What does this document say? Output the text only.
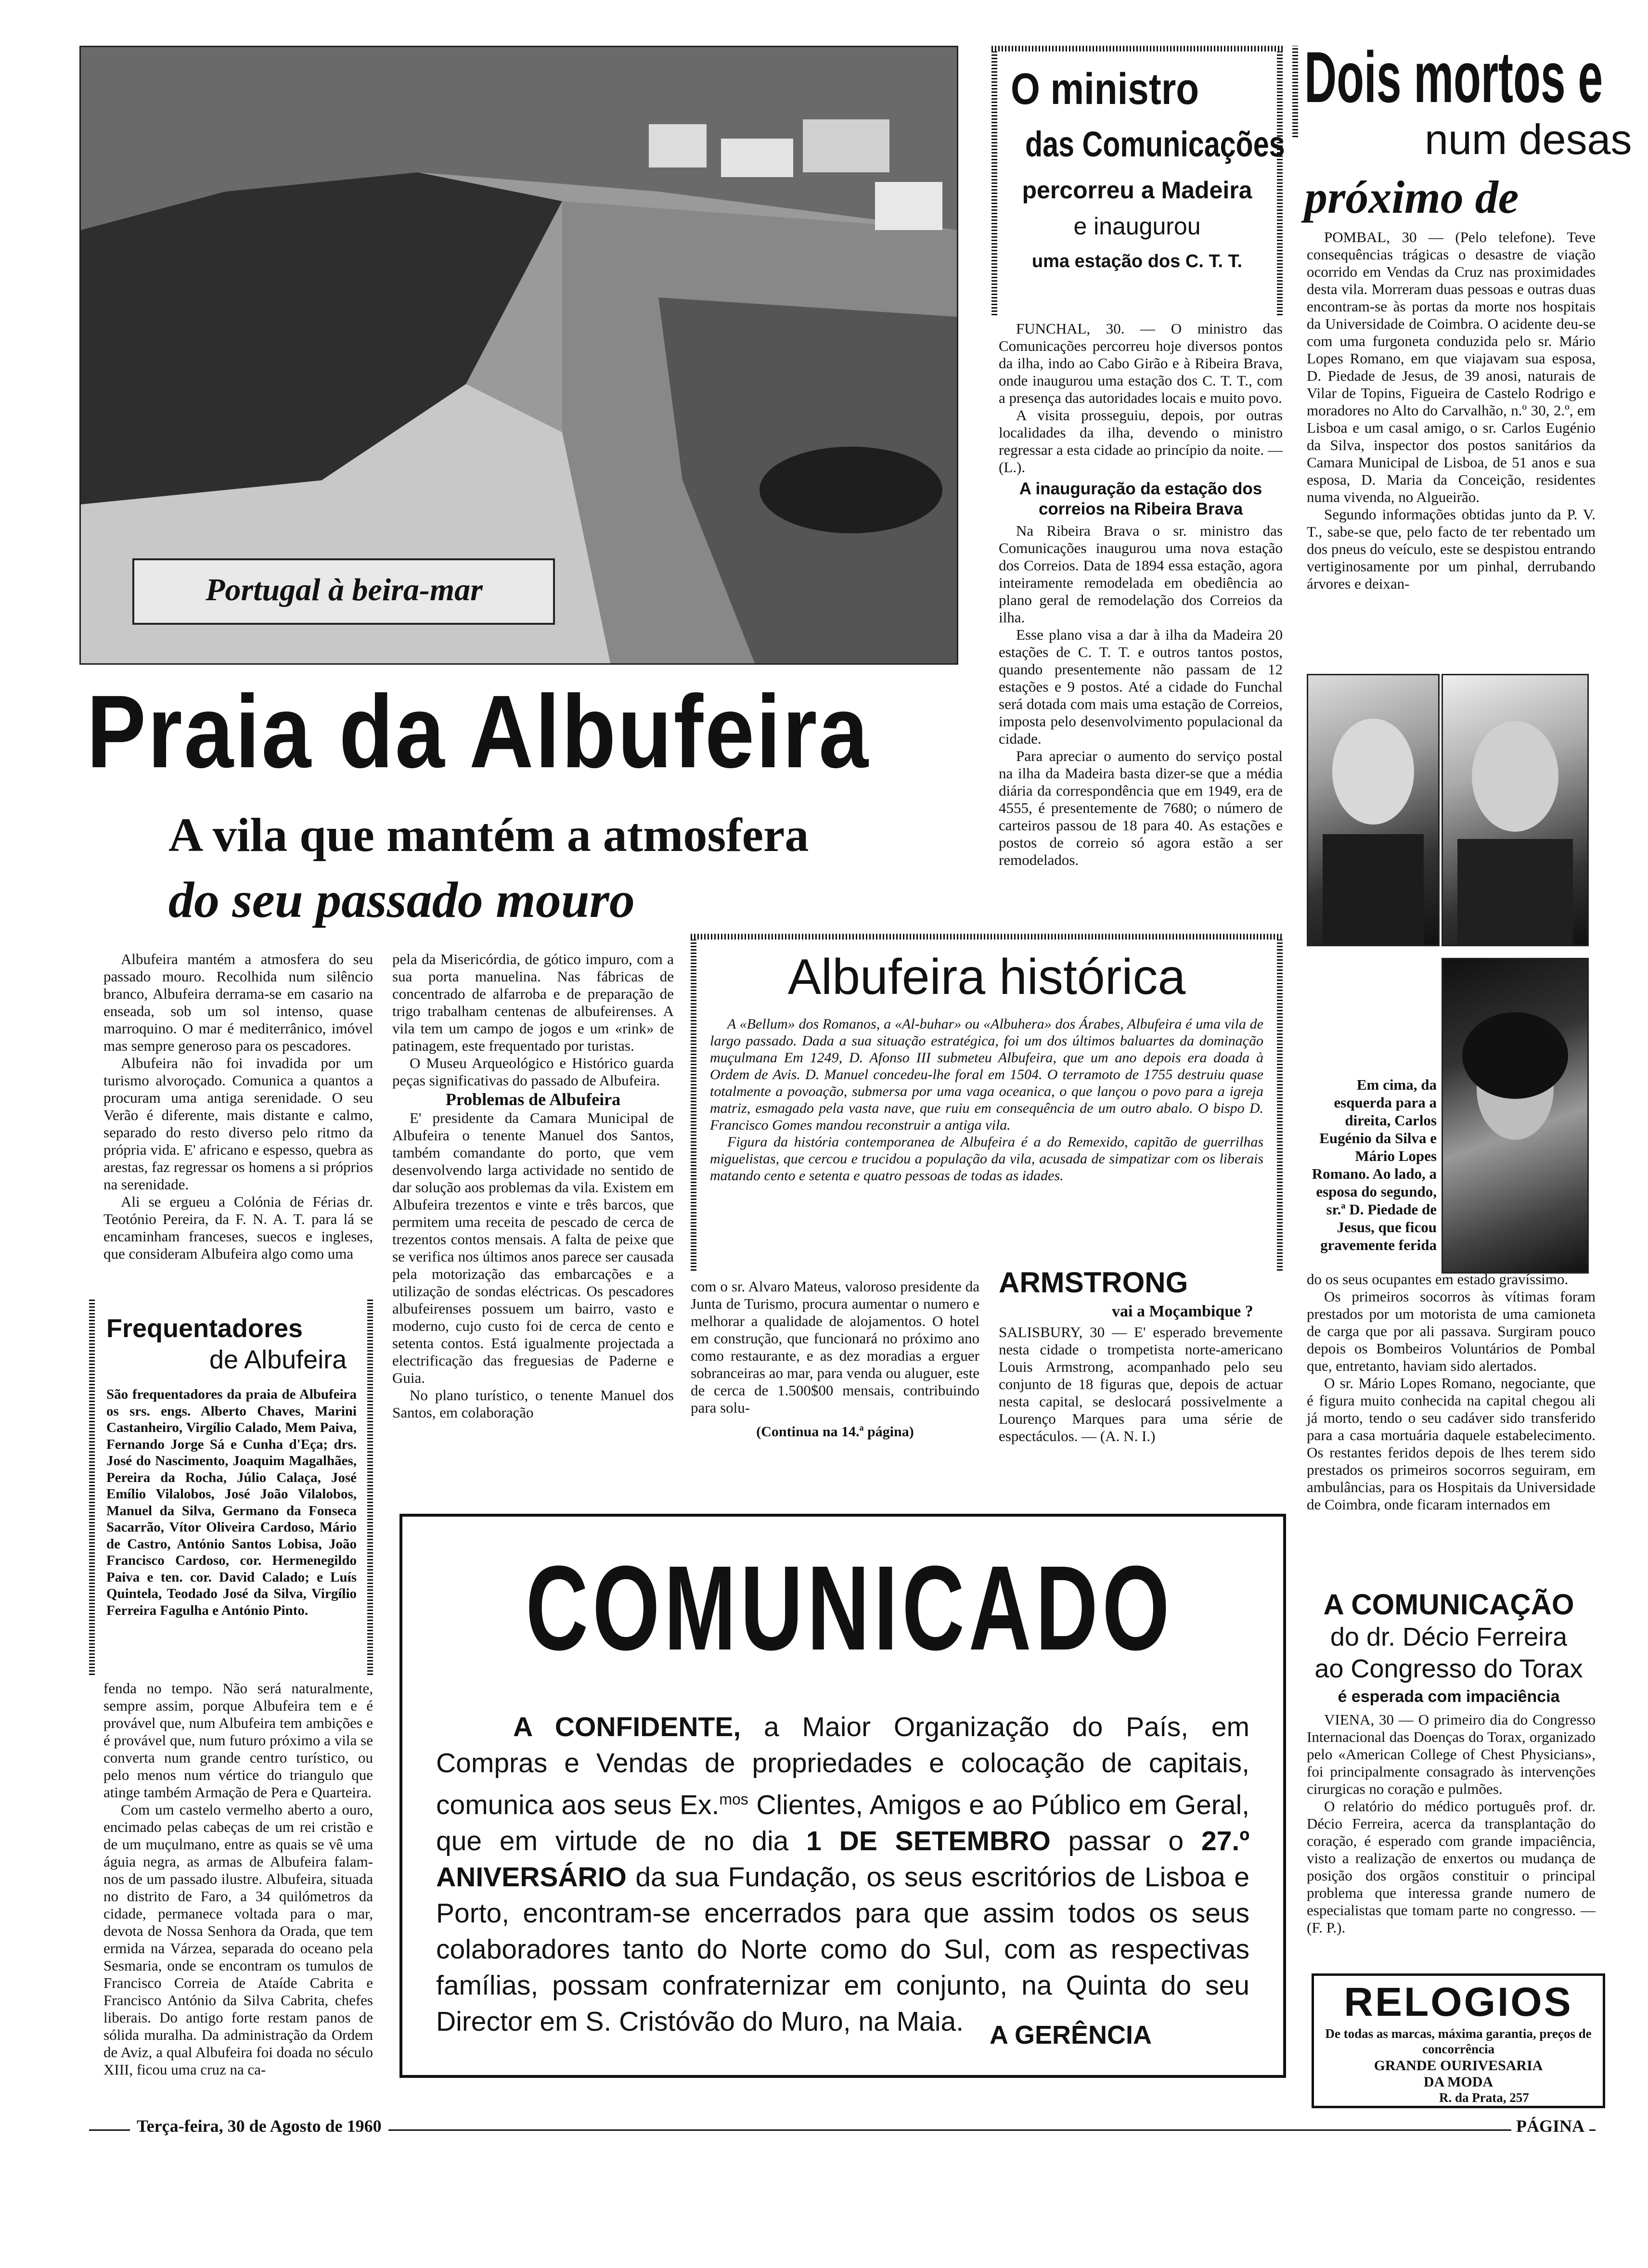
Portugal à beira-mar
Praia da Albufeira
A vila que mantém a atmosfera
do seu passado mouro

Albufeira mantém a atmosfera do seu passado mouro. Recolhida num silêncio branco, Albufeira derrama-se em casario na enseada, sob um sol intenso, quase marroquino. O mar é mediterrânico, imóvel mas sempre generoso para os pescadores.

Albufeira não foi invadida por um turismo alvoroçado. Comunica a quantos a procuram uma antiga serenidade. O seu Verão é diferente, mais distante e calmo, separado do resto diverso pelo ritmo da própria vida. E' africano e espesso, quebra as arestas, faz regressar os homens a si próprios na serenidade.

Ali se ergueu a Colónia de Férias dr. Teotónio Pereira, da F. N. A. T. para lá se encaminham franceses, suecos e ingleses, que consideram Albufeira algo como uma

Frequentadores
de Albufeira
São frequentadores da praia de Albufeira os srs. engs. Alberto Chaves, Marini Castanheiro, Virgílio Calado, Mem Paiva, Fernando Jorge Sá e Cunha d'Eça; drs. José do Nascimento, Joaquim Magalhães, Pereira da Rocha, Júlio Calaça, José Emílio Vilalobos, José João Vilalobos, Manuel da Silva, Germano da Fonseca Sacarrão, Vítor Oliveira Cardoso, Mário de Castro, António Santos Lobisa, João Francisco Cardoso, cor. Hermenegildo Paiva e ten. cor. David Calado; e Luís Quintela, Teodado José da Silva, Virgílio Ferreira Fagulha e António Pinto.

fenda no tempo. Não será naturalmente, sempre assim, porque Albufeira tem e é provável que, num Albufeira tem ambições e é provável que, num futuro próximo a vila se converta num grande centro turístico, ou pelo menos num vértice do triangulo que atinge também Armação de Pera e Quarteira.

Com um castelo vermelho aberto a ouro, encimado pelas cabeças de um rei cristão e de um muçulmano, entre as quais se vê uma águia negra, as armas de Albufeira falam-nos de um passado ilustre. Albufeira, situada no distrito de Faro, a 34 quilómetros da cidade, permanece voltada para o mar, devota de Nossa Senhora da Orada, que tem ermida na Várzea, separada do oceano pela Sesmaria, onde se encontram os tumulos de Francisco Correia de Ataíde Cabrita e Francisco António da Silva Cabrita, chefes liberais. Do antigo forte restam panos de sólida muralha. Da administração da Ordem de Aviz, a qual Albufeira foi doada no século XIII, ficou uma cruz na ca-

pela da Misericórdia, de gótico impuro, com a sua porta manuelina. Nas fábricas de concentrado de alfarroba e de preparação de trigo trabalham centenas de albufeirenses. A vila tem um campo de jogos e um «rink» de patinagem, este frequentado por turistas.

O Museu Arqueológico e Histórico guarda peças significativas do passado de Albufeira.

Problemas de Albufeira

E' presidente da Camara Municipal de Albufeira o tenente Manuel dos Santos, também comandante do porto, que vem desenvolvendo larga actividade no sentido de dar solução aos problemas da vila. Existem em Albufeira trezentos e vinte e três barcos, que permitem uma receita de pescado de cerca de trezentos contos mensais. A falta de peixe que se verifica nos últimos anos parece ser causada pela motorização das embarcações e a utilização de sondas eléctricas. Os pescadores albufeirenses possuem um bairro, vasto e moderno, cujo custo foi de cerca de cento e setenta contos. Está igualmente projectada a electrificação das freguesias de Paderne e Guia.

No plano turístico, o tenente Manuel dos Santos, em colaboração

Albufeira histórica

A «Bellum» dos Romanos, a «Al-buhar» ou «Albuhera» dos Árabes, Albufeira é uma vila de largo passado. Dada a sua situação estratégica, foi um dos últimos baluartes da dominação muçulmana Em 1249, D. Afonso III submeteu Albufeira, que um ano depois era doada à Ordem de Avis. D. Manuel concedeu-lhe foral em 1504. O terramoto de 1755 destruiu quase totalmente a povoação, submersa por uma vaga oceanica, o que lançou o povo para a igreja matriz, esmagado pela vasta nave, que ruiu em consequência de um outro abalo. O bispo D. Francisco Gomes mandou reconstruir a antiga vila.

Figura da história contemporanea de Albufeira é a do Remexido, capitão de guerrilhas miguelistas, que cercou e trucidou a população da vila, acusada de simpatizar com os liberais matando cento e setenta e quatro pessoas de todas as idades.

com o sr. Alvaro Mateus, valoroso presidente da Junta de Turismo, procura aumentar o numero e melhorar a qualidade de alojamentos. O hotel em construção, que funcionará no próximo ano como restaurante, e as dez moradias a erguer sobranceiras ao mar, para venda ou aluguer, este de cerca de 1.500$00 mensais, contribuindo para solu-

(Continua na 14.ª página)
ARMSTRONG
vai a Moçambique ?
SALISBURY, 30 — E' esperado brevemente nesta cidade o trompetista norte-americano Louis Armstrong, acompanhado pelo seu conjunto de 18 figuras que, depois de actuar nesta capital, se deslocará possivelmente a Lourenço Marques para uma série de espectáculos. — (A. N. I.)
O ministro
das Comunicações
percorreu a Madeira
e inaugurou
uma estação dos C. T. T.

FUNCHAL, 30. — O ministro das Comunicações percorreu hoje diversos pontos da ilha, indo ao Cabo Girão e à Ribeira Brava, onde inaugurou uma estação dos C. T. T., com a presença das autoridades locais e muito povo.

A visita prosseguiu, depois, por outras localidades da ilha, devendo o ministro regressar a esta cidade ao princípio da noite. — (L.).

A inauguração da estação dos correios na Ribeira Brava

Na Ribeira Brava o sr. ministro das Comunicações inaugurou uma nova estação dos Correios. Data de 1894 essa estação, agora inteiramente remodelada em obediência ao plano geral de remodelação dos Correios da ilha.

Esse plano visa a dar à ilha da Madeira 20 estações de C. T. T. e outros tantos postos, quando presentemente não passam de 12 estações e 9 postos. Até a cidade do Funchal será dotada com mais uma estação de Correios, imposta pelo desenvolvimento populacional da cidade.

Para apreciar o aumento do serviço postal na ilha da Madeira basta dizer-se que a média diária da correspondência que em 1949, era de 4555, é presentemente de 7680; o número de carteiros passou de 18 para 40. As estações e postos de correio só agora estão a ser remodelados.

Dois mortos e
num desas
próximo de

POMBAL, 30 — (Pelo telefone). Teve consequências trágicas o desastre de viação ocorrido em Vendas da Cruz nas proximidades desta vila. Morreram duas pessoas e outras duas encontram-se às portas da morte nos hospitais da Universidade de Coimbra. O acidente deu-se com uma furgoneta conduzida pelo sr. Mário Lopes Romano, em que viajavam sua esposa, D. Piedade de Jesus, de 39 anosi, naturais de Vilar de Topins, Figueira de Castelo Rodrigo e moradores no Alto do Carvalhão, n.º 30, 2.º, em Lisboa e um casal amigo, o sr. Carlos Eugénio da Silva, inspector dos postos sanitários da Camara Municipal de Lisboa, de 51 anos e sua esposa, D. Maria da Conceição, residentes numa vivenda, no Algueirão.

Segundo informações obtidas junto da P. V. T., sabe-se que, pelo facto de ter rebentado um dos pneus do veículo, este se despistou entrando vertiginosamente por um pinhal, derrubando árvores e deixan-

Em cima, da esquerda para a direita, Carlos Eugénio da Silva e Mário Lopes Romano. Ao lado, a esposa do segundo, sr.ª D. Piedade de Jesus, que ficou gravemente ferida

do os seus ocupantes em estado gravíssimo.

Os primeiros socorros às vítimas foram prestados por um motorista de uma camioneta de carga que por ali passava. Surgiram pouco depois os Bombeiros Voluntários de Pombal que, entretanto, haviam sido alertados.

O sr. Mário Lopes Romano, negociante, que é figura muito conhecida na capital chegou ali já morto, tendo o seu cadáver sido transferido para a casa mortuária daquele estabelecimento. Os restantes feridos depois de lhes terem sido prestados os primeiros socorros seguiram, em ambulâncias, para os Hospitais da Universidade de Coimbra, onde ficaram internados em

A COMUNICAÇÃO
do dr. Décio Ferreira
ao Congresso do Torax
é esperada com impaciência

VIENA, 30 — O primeiro dia do Congresso Internacional das Doenças do Torax, organizado pelo «American College of Chest Physicians», foi principalmente consagrado às intervenções cirurgicas no coração e pulmões.

O relatório do médico português prof. dr. Décio Ferreira, acerca da transplantação do coração, é esperado com grande impaciência, visto a realização de enxertos ou mudança de posição dos orgãos constituir o principal problema que interessa grande numero de especialistas que tomam parte no congresso. — (F. P.).

RELOGIOS
De todas as marcas, máxima garantia, preços de concorrência
GRANDE OURIVESARIA
DA MODA
R. da Prata, 257
COMUNICADO
A CONFIDENTE, a Maior Organização do País, em Compras e Vendas de propriedades e colocação de capitais, comunica aos seus Ex.$^{mos}$ Clientes, Amigos e ao Público em Geral, que em virtude de no dia 1 DE SETEMBRO passar o 27.º ANIVERSÁRIO da sua Fundação, os seus escritórios de Lisboa e Porto, encontram-se encerrados para que assim todos os seus colaboradores tanto do Norte como do Sul, com as respectivas famílias, possam confraternizar em conjunto, na Quinta do seu Director em S. Cristóvão do Muro, na Maia. A GERÊNCIA
Terça-feira, 30 de Agosto de 1960	PÁGINA
